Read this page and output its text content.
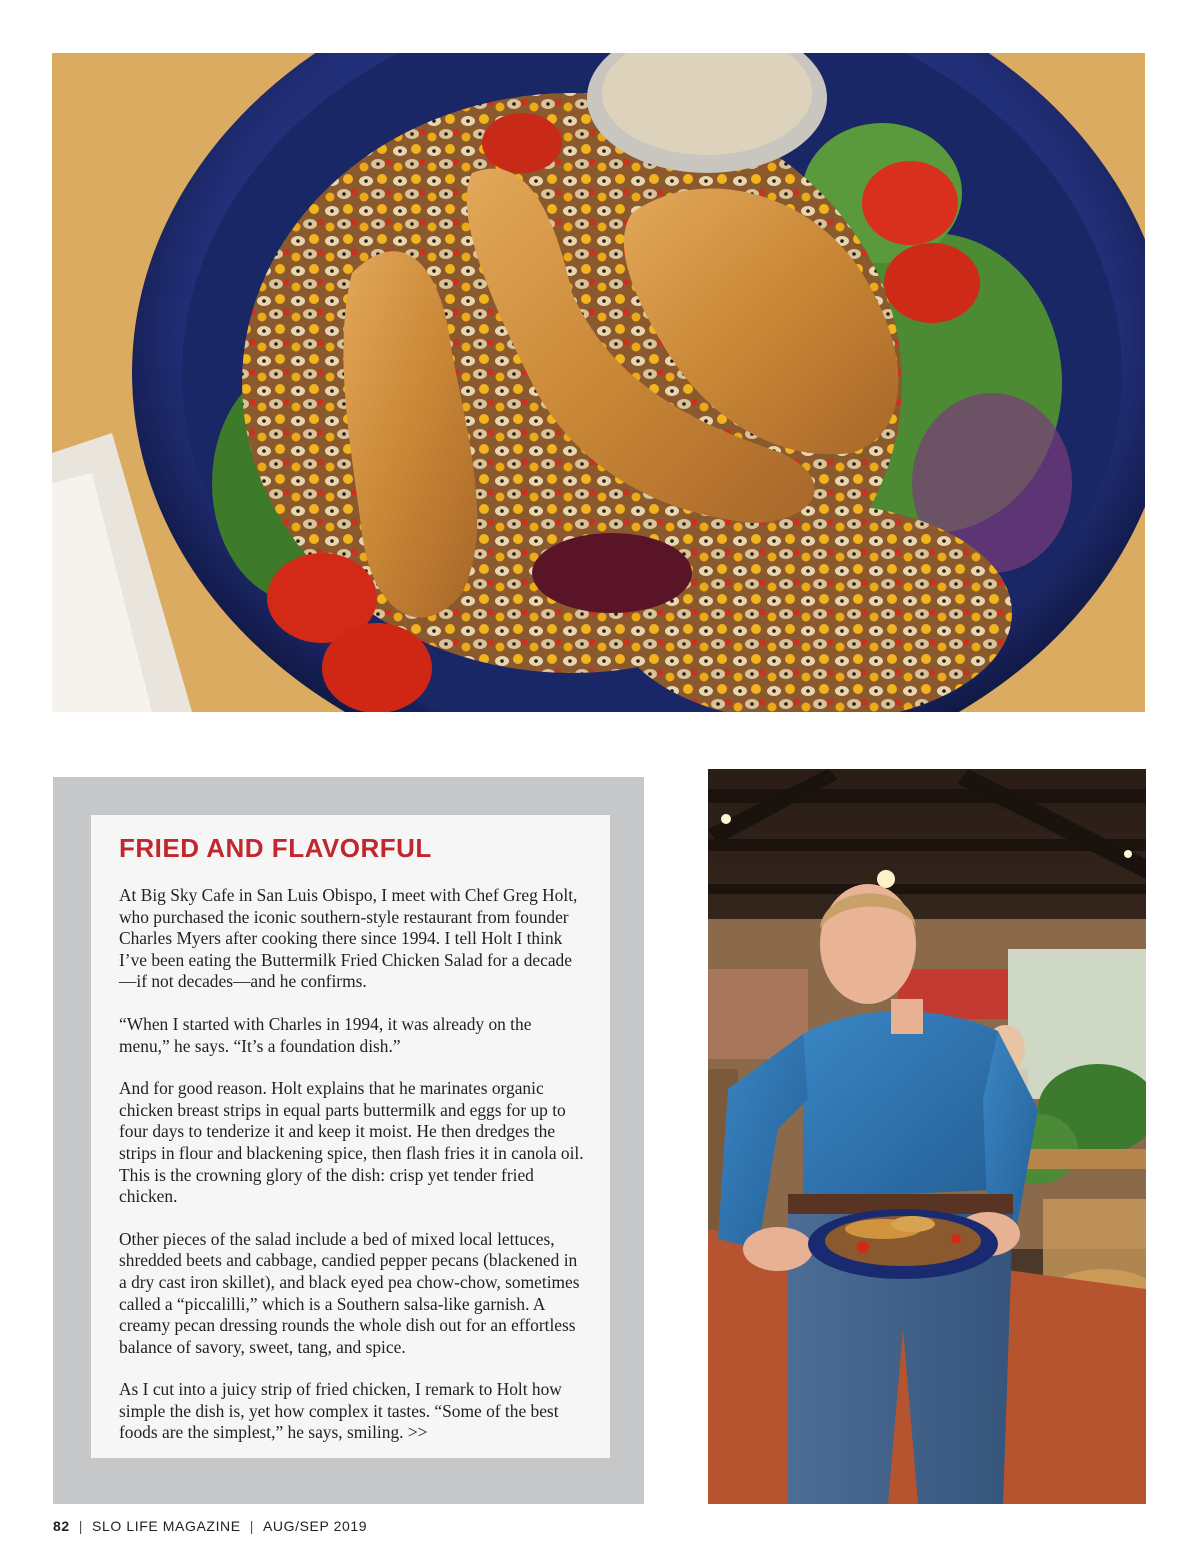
FRIED AND FLAVORFUL

At Big Sky Cafe in San Luis Obispo, I meet with Chef Greg Holt, who purchased the iconic southern-style restaurant from founder Charles Myers after cooking there since 1994. I tell Holt I think I’ve been eating the Buttermilk Fried Chicken Salad for a decade—if not decades—and he confirms.

“When I started with Charles in 1994, it was already on the menu,” he says. “It’s a foundation dish.”

And for good reason. Holt explains that he marinates organic chicken breast strips in equal parts buttermilk and eggs for up to four days to tenderize it and keep it moist. He then dredges the strips in flour and blackening spice, then flash fries it in canola oil. This is the crowning glory of the dish: crisp yet tender fried chicken.

Other pieces of the salad include a bed of mixed local lettuces, shredded beets and cabbage, candied pepper pecans (blackened in a dry cast iron skillet), and black eyed pea chow-chow, sometimes called a “piccalilli,” which is a Southern salsa-like garnish. A creamy pecan dressing rounds the whole dish out for an effortless balance of savory, sweet, tang, and spice.

As I cut into a juicy strip of fried chicken, I remark to Holt how simple the dish is, yet how complex it tastes. “Some of the best foods are the simplest,” he says, smiling. >>

82 | SLO LIFE MAGAZINE | AUG/SEP 2019
